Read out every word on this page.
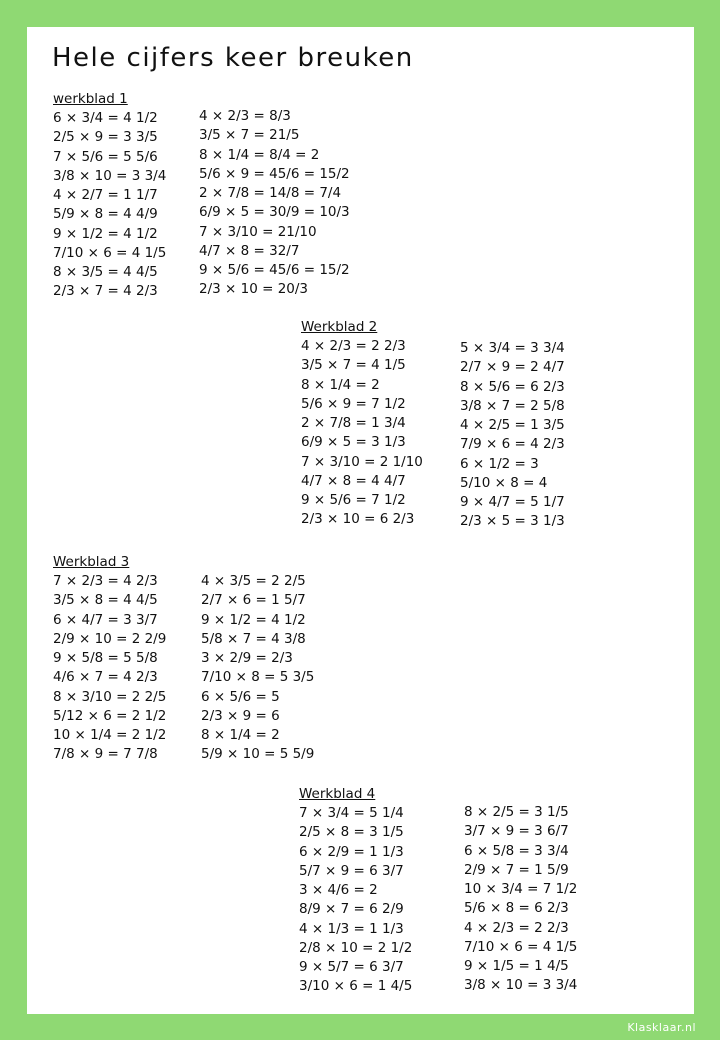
Hele cijfers keer breuken
werkblad 1
6 × 3/4 = 4 1/2
2/5 × 9 = 3 3/5
7 × 5/6 = 5 5/6
3/8 × 10 = 3 3/4
4 × 2/7 = 1 1/7
5/9 × 8 = 4 4/9
9 × 1/2 = 4 1/2
7/10 × 6 = 4 1/5
8 × 3/5 = 4 4/5
2/3 × 7 = 4 2/3
4 × 2/3 = 8/3
3/5 × 7 = 21/5
8 × 1/4 = 8/4 = 2
5/6 × 9 = 45/6 = 15/2
2 × 7/8 = 14/8 = 7/4
6/9 × 5 = 30/9 = 10/3
7 × 3/10 = 21/10
4/7 × 8 = 32/7
9 × 5/6 = 45/6 = 15/2
2/3 × 10 = 20/3
Werkblad 2
4 × 2/3 = 2 2/3
3/5 × 7 = 4 1/5
8 × 1/4 = 2
5/6 × 9 = 7 1/2
2 × 7/8 = 1 3/4
6/9 × 5 = 3 1/3
7 × 3/10 = 2 1/10
4/7 × 8 = 4 4/7
9 × 5/6 = 7 1/2
2/3 × 10 = 6 2/3
5 × 3/4 = 3 3/4
2/7 × 9 = 2 4/7
8 × 5/6 = 6 2/3
3/8 × 7 = 2 5/8
4 × 2/5 = 1 3/5
7/9 × 6 = 4 2/3
6 × 1/2 = 3
5/10 × 8 = 4
9 × 4/7 = 5 1/7
2/3 × 5 = 3 1/3
Werkblad 3
7 × 2/3 = 4 2/3
3/5 × 8 = 4 4/5
6 × 4/7 = 3 3/7
2/9 × 10 = 2 2/9
9 × 5/8 = 5 5/8
4/6 × 7 = 4 2/3
8 × 3/10 = 2 2/5
5/12 × 6 = 2 1/2
10 × 1/4 = 2 1/2
7/8 × 9 = 7 7/8
4 × 3/5 = 2 2/5
2/7 × 6 = 1 5/7
9 × 1/2 = 4 1/2
5/8 × 7 = 4 3/8
3 × 2/9 = 2/3
7/10 × 8 = 5 3/5
6 × 5/6 = 5
2/3 × 9 = 6
8 × 1/4 = 2
5/9 × 10 = 5 5/9
Werkblad 4
7 × 3/4 = 5 1/4
2/5 × 8 = 3 1/5
6 × 2/9 = 1 1/3
5/7 × 9 = 6 3/7
3 × 4/6 = 2
8/9 × 7 = 6 2/9
4 × 1/3 = 1 1/3
2/8 × 10 = 2 1/2
9 × 5/7 = 6 3/7
3/10 × 6 = 1 4/5
8 × 2/5 = 3 1/5
3/7 × 9 = 3 6/7
6 × 5/8 = 3 3/4
2/9 × 7 = 1 5/9
10 × 3/4 = 7 1/2
5/6 × 8 = 6 2/3
4 × 2/3 = 2 2/3
7/10 × 6 = 4 1/5
9 × 1/5 = 1 4/5
3/8 × 10 = 3 3/4
Klasklaar.nl
